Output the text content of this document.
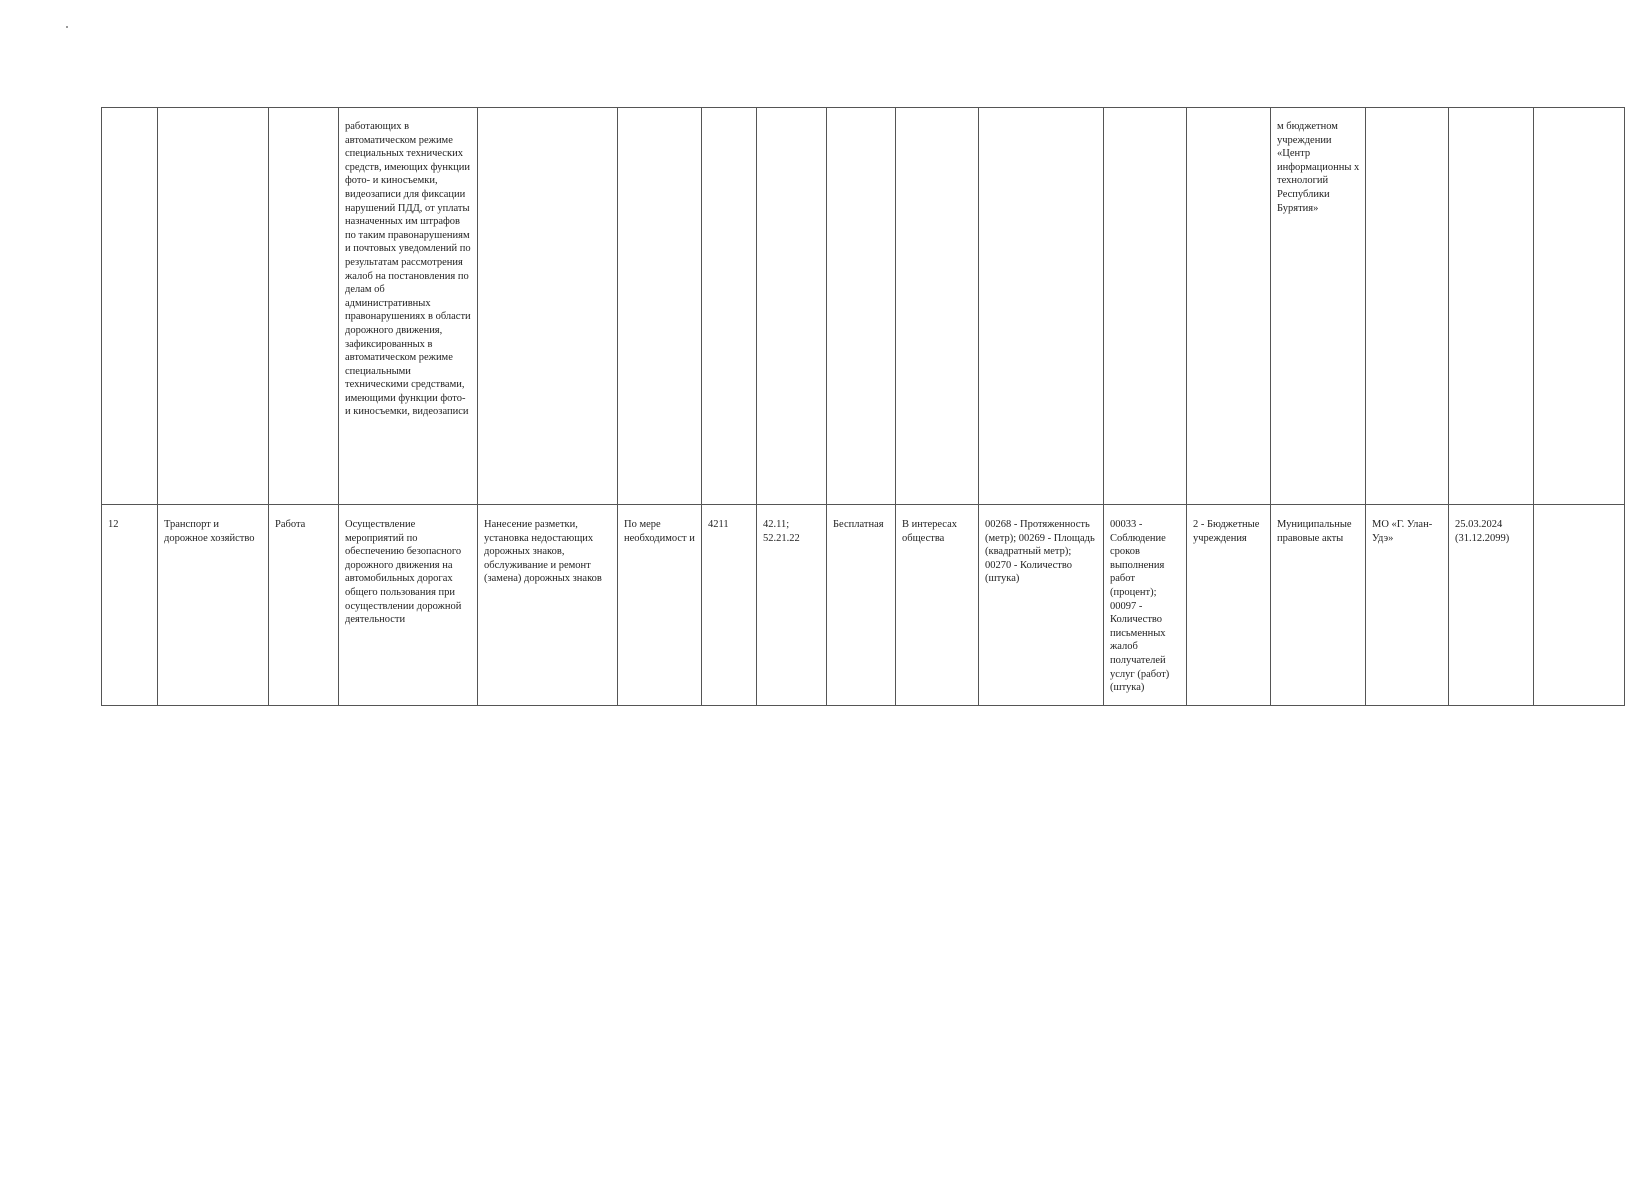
			работающих в автоматическом режиме специальных технических средств, имеющих функции фото- и киносъемки, видеозаписи для фиксации нарушений ПДД, от уплаты назначенных им штрафов по таким правонарушениям и почтовых уведомлений по результатам рассмотрения жалоб на постановления по делам об административных правонарушениях в области дорожного движения, зафиксированных в автоматическом режиме специальными техническими средствами, имеющими функции фото- и киносъемки, видеозаписи										м бюджетном учреждении «Центр информационны х технологий Республики Бурятия»			
12	Транспорт и дорожное хозяйство	Работа	Осуществление мероприятий по обеспечению безопасного дорожного движения на автомобильных дорогах общего пользования при осуществлении дорожной деятельности	Нанесение разметки, установка недостающих дорожных знаков, обслуживание и ремонт (замена) дорожных знаков	По мере необходимост и	4211	42.11; 52.21.22	Бесплатная	В интересах общества	00268 - Протяженность (метр); 00269 - Площадь (квадратный метр); 00270 - Количество (штука)	00033 - Соблюдение сроков выполнения работ (процент); 00097 - Количество письменных жалоб получателей услуг (работ) (штука)	2 - Бюджетные учреждения	Муниципальные правовые акты	МО «Г. Улан-Удэ»	25.03.2024 (31.12.2099)	
